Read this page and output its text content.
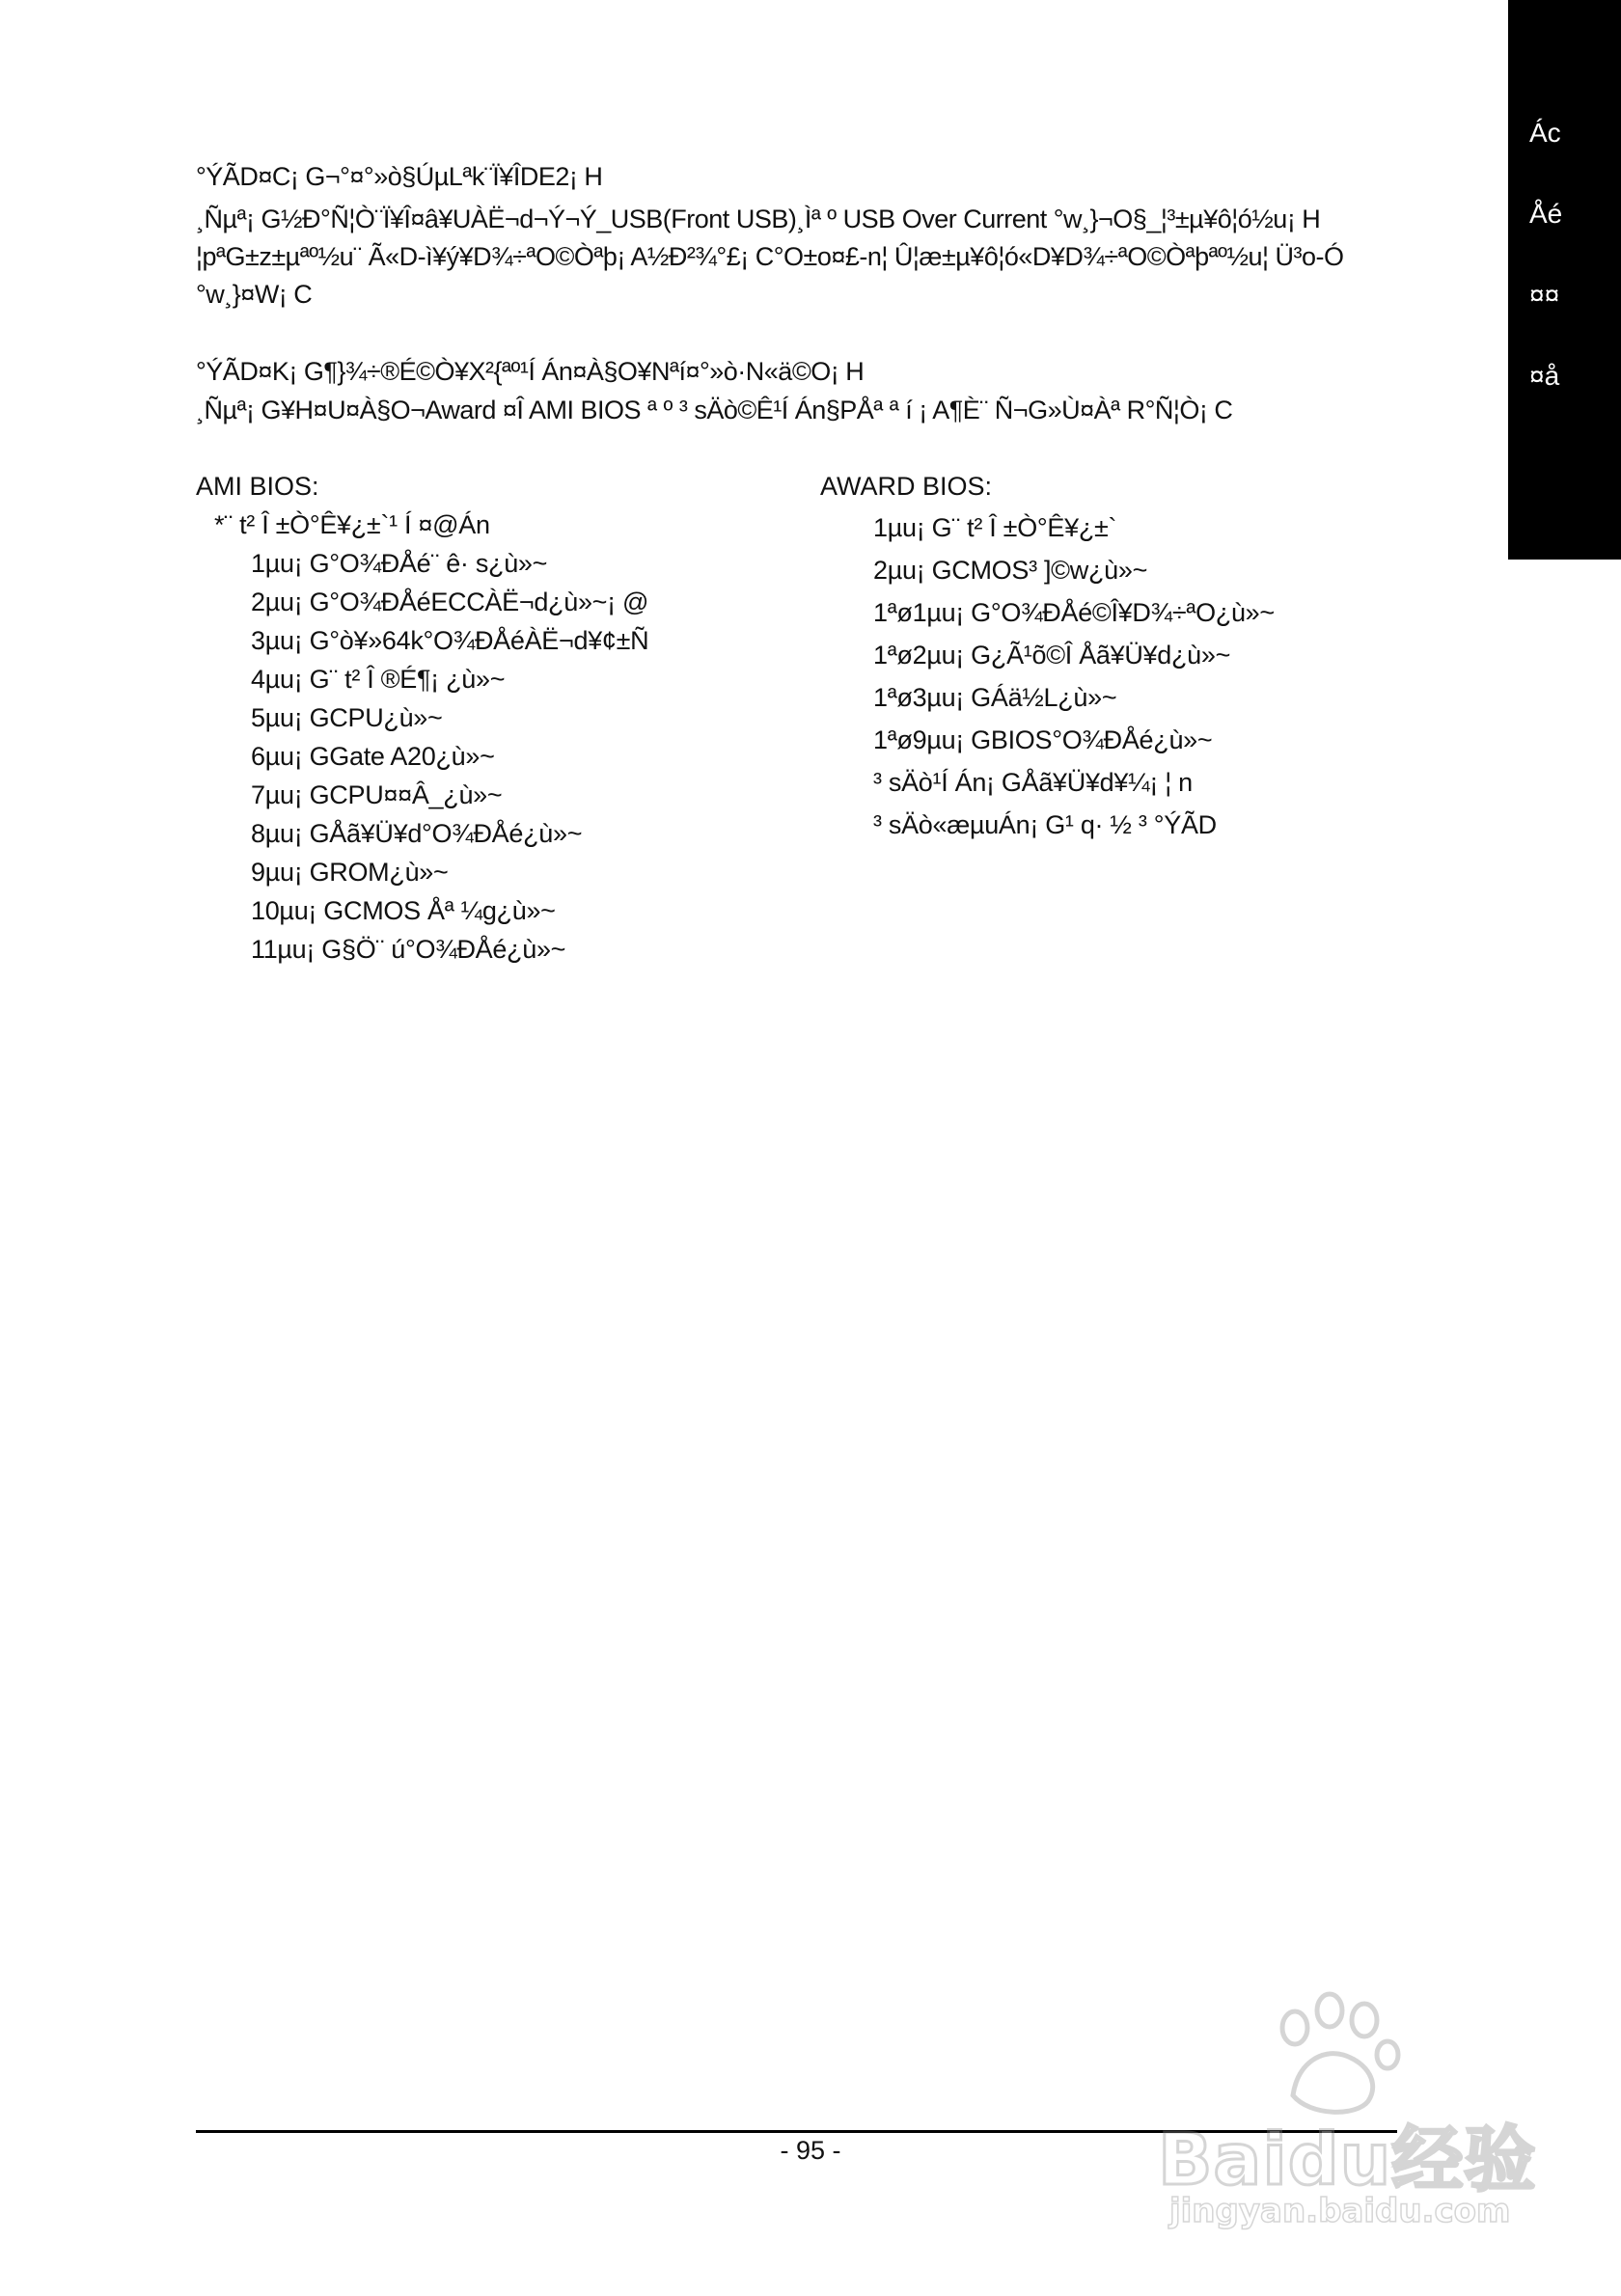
Ác
Åé
¤¤
¤å
°ÝÃD¤C¡ G¬°¤°»ò§ÚµLªk¨Ï¥ÎDE2¡ H
¸Ñµª¡ G½Ð°Ñ¦Ò¨Ï¥Î¤â¥UÀË¬d¬Ý¬Ý_USB(Front USB)¸Ìª º USB Over Current °w¸}¬O§_¦³±µ¥ô¦ó½u¡ H
¦pªG±z±µªº½u¨ Ã«D-ì¥ý¥D¾÷ªO©Òªþ¡ A½Ð²¾°£¡ C°O±o¤£-n¦ Û¦æ±µ¥ô¦ó«D¥D¾÷ªO©Òªþªº½u¦ Ü³o-Ó
°w¸}¤W¡ C
°ÝÃD¤K¡ G¶}¾÷®É©Ò¥X²{ªº¹Í Án¤À§O¥Nªí¤°»ò·N«ä©O¡ H
¸Ñµª¡ G¥H¤U¤À§O¬Award ¤Î AMI BIOS ª º ³ sÄò©Ê¹Í Án§PÅª ª í ¡ A¶È¨ Ñ¬G»Ù¤Àª R°Ñ¦Ò¡ C
AMI BIOS:
*¨ t² Î ±Ò°Ê¥¿±`¹ Í ¤@Án
1µu¡ G°O¾ÐÅé¨ ê· s¿ù»~
2µu¡ G°O¾ÐÅéECCÀË¬d¿ù»~¡ @
3µu¡ G°ò¥»64k°O¾ÐÅéÀË¬d¥¢±Ñ
4µu¡ G¨ t² Î ®É¶¡ ¿ù»~
5µu¡ GCPU¿ù»~
6µu¡ GGate A20¿ù»~
7µu¡ GCPU¤¤Â_¿ù»~
8µu¡ GÅã¥Ü¥d°O¾ÐÅé¿ù»~
9µu¡ GROM¿ù»~
10µu¡ GCMOS Åª ¼g¿ù»~
11µu¡ G§Ö¨ ú°O¾ÐÅé¿ù»~
AWARD BIOS:
1µu¡ G¨ t² Î ±Ò°Ê¥¿±`
2µu¡ GCMOS³ ]©w¿ù»~
1ªø1µu¡ G°O¾ÐÅé©Î¥D¾÷ªO¿ù»~
1ªø2µu¡ G¿Ã¹õ©Î Åã¥Ü¥d¿ù»~
1ªø3µu¡ GÁä½L¿ù»~
1ªø9µu¡ GBIOS°O¾ÐÅé¿ù»~
³ sÄò¹Í Án¡ GÅã¥Ü¥d¥¼¡ ¦ n
³ sÄò«æµuÁn¡ G¹ q· ½ ³ °ÝÃD
- 95 -	Baidu经验
jingyan.baidu.com
